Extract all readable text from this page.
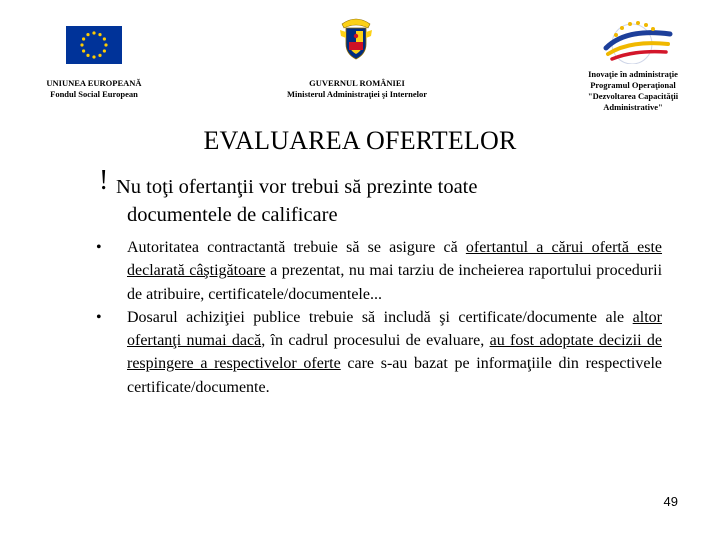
UNIUNEA EUROPEANĂ
Fondul Social European
GUVERNUL ROMÂNIEI
Ministerul Administraţiei şi Internelor
Inovaţie în administraţie
Programul Operaţional
"Dezvoltarea Capacităţii
Administrative"
EVALUAREA OFERTELOR
! Nu toţi ofertanţii vor trebui să prezinte toate
documentele de calificare
•	Autoritatea contractantă trebuie să se asigure că ofertantul a cărui ofertă este declarată câştigătoare a prezentat, nu mai tarziu de incheierea raportului procedurii de atribuire, certificatele/documentele...
•	Dosarul achiziţiei publice trebuie să includă şi certificate/documente ale altor ofertanţi numai dacă, în cadrul procesului de evaluare, au fost adoptate decizii de respingere a respectivelor oferte care s-au bazat pe informaţiile din respectivele certificate/documente.
49
